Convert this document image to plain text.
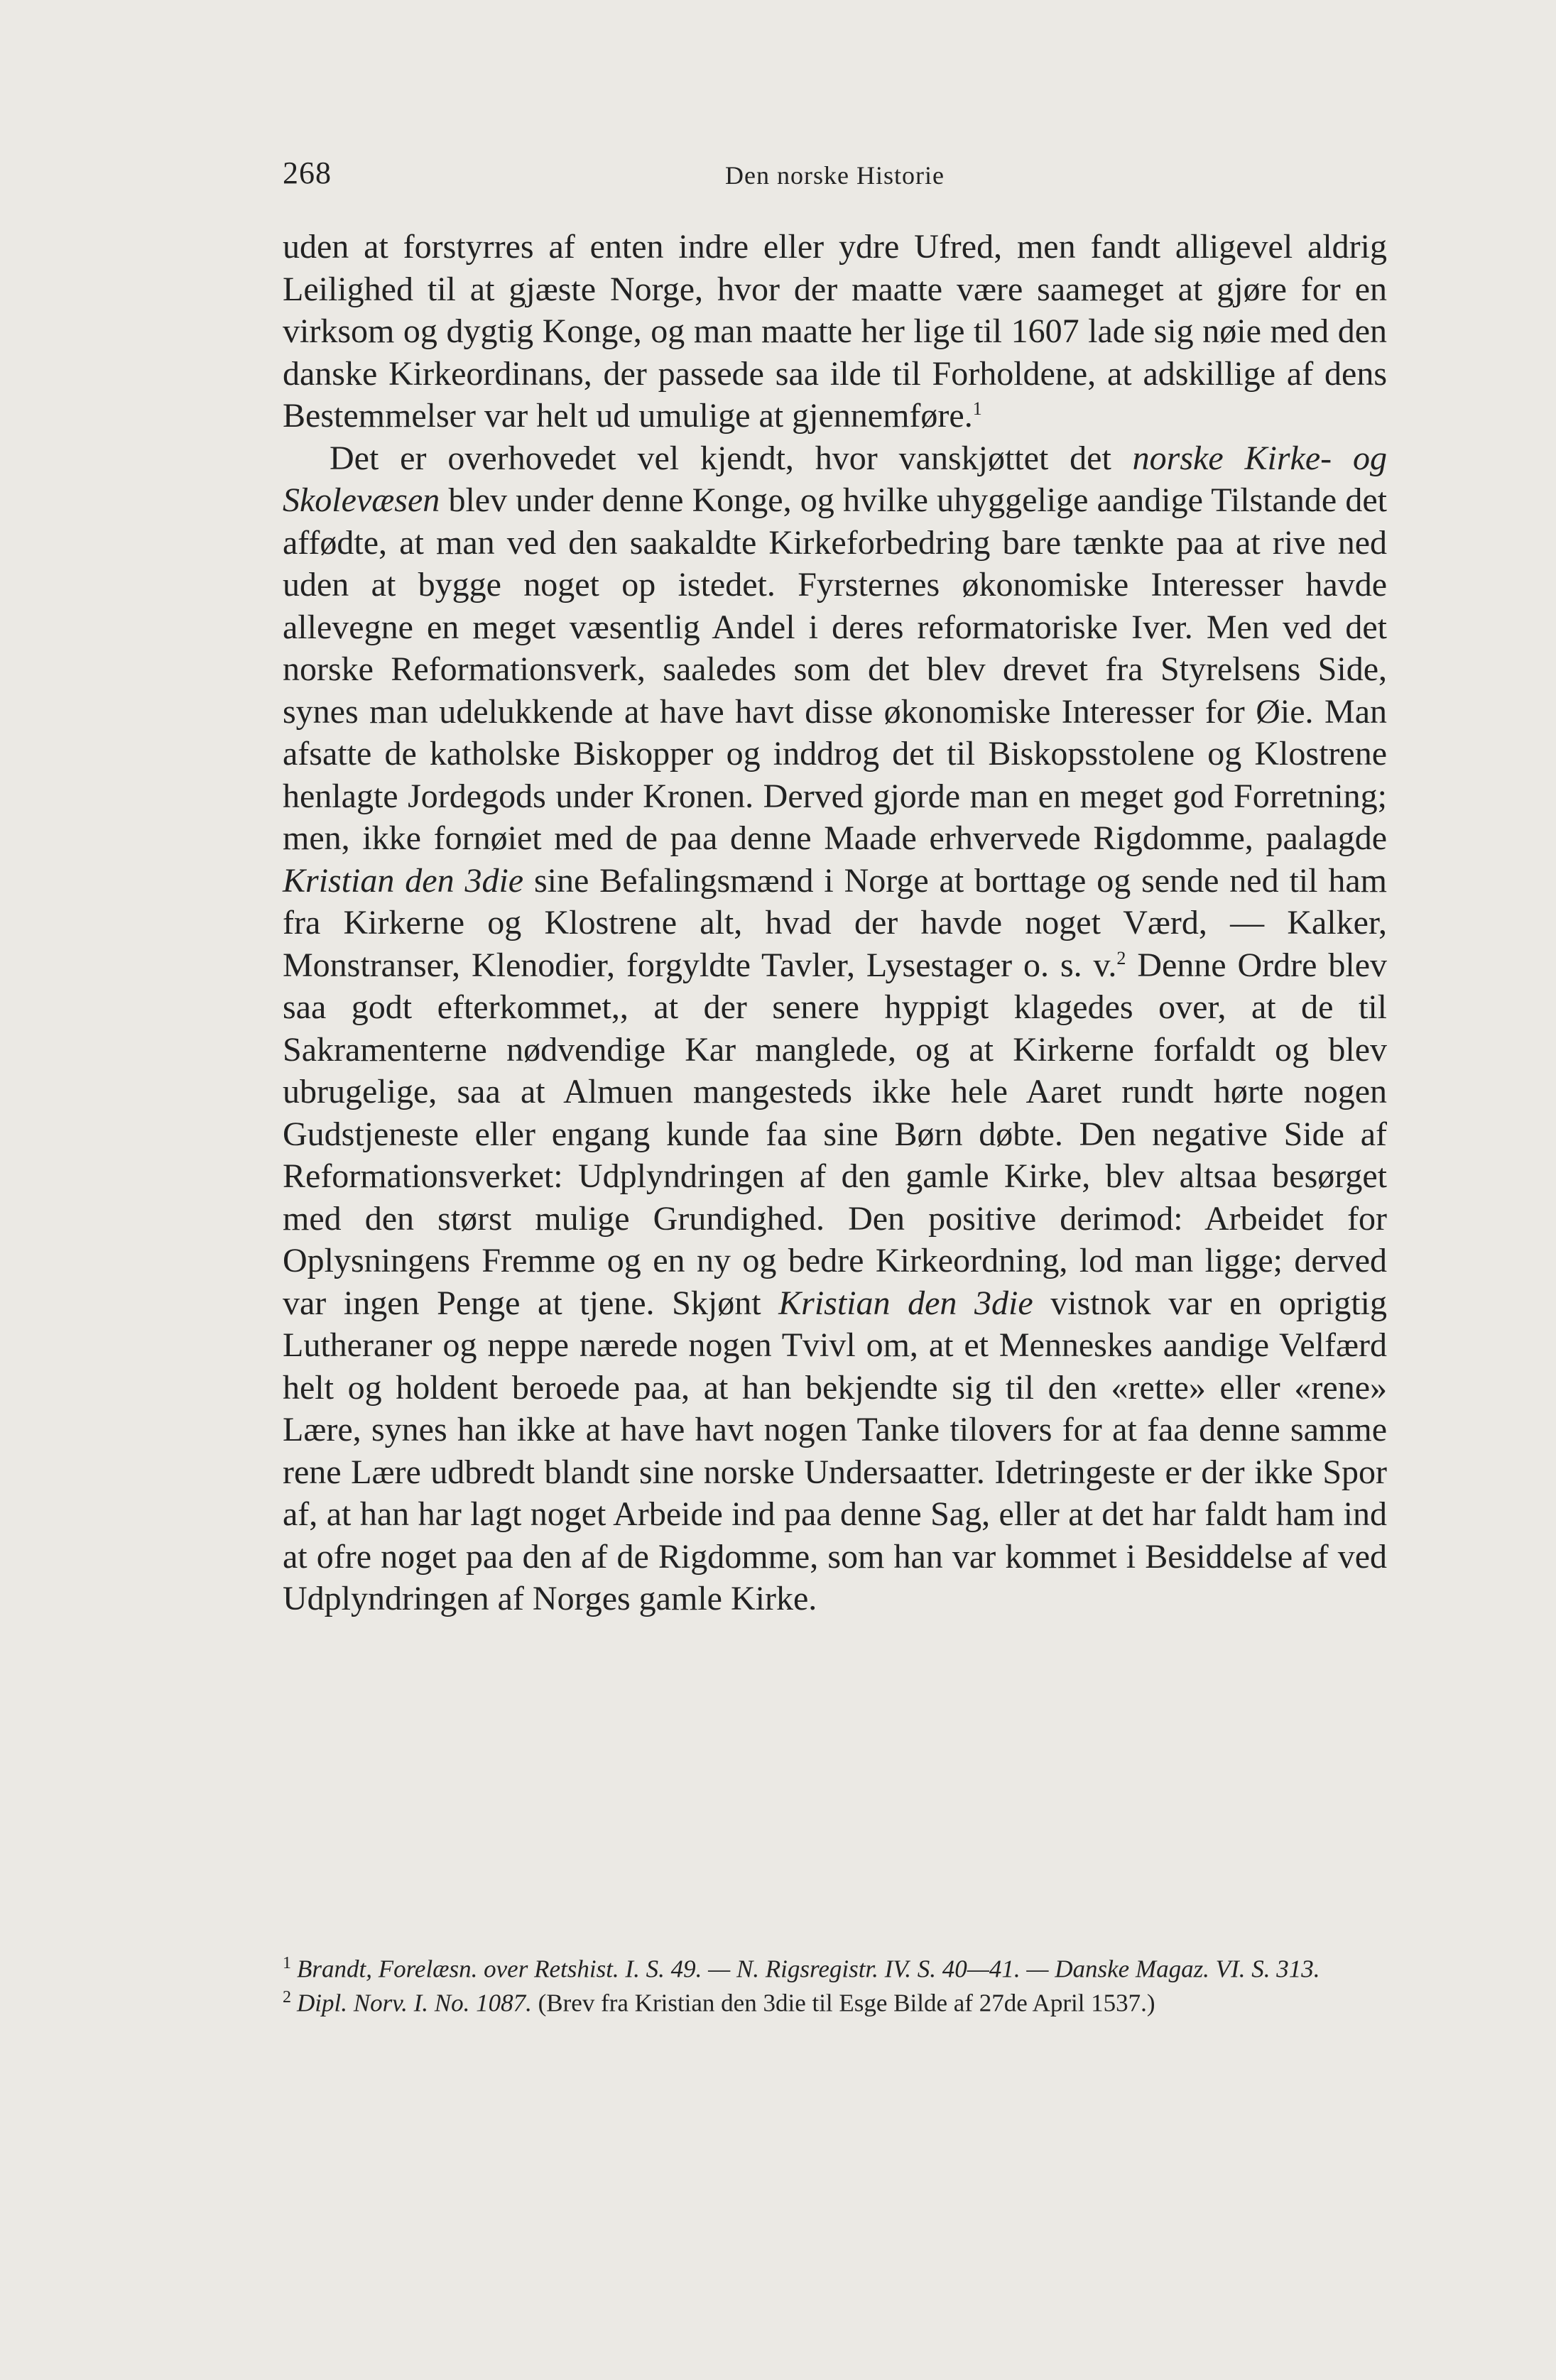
268	Den norske Historie

uden at forstyrres af enten indre eller ydre Ufred, men fandt alligevel aldrig Leilighed til at gjæste Norge, hvor der maatte være saameget at gjøre for en virksom og dygtig Konge, og man maatte her lige til 1607 lade sig nøie med den danske Kirkeordinans, der passede saa ilde til Forholdene, at adskillige af dens Bestemmelser var helt ud umulige at gjennemføre.$^1$

Det er overhovedet vel kjendt, hvor vanskjøttet det norske Kirke- og Skolevæsen blev under denne Konge, og hvilke uhyggelige aandige Tilstande det affødte, at man ved den saakaldte Kirkeforbedring bare tænkte paa at rive ned uden at bygge noget op istedet. Fyrsternes økonomiske Interesser havde allevegne en meget væsentlig Andel i deres reformatoriske Iver. Men ved det norske Reformationsverk, saaledes som det blev drevet fra Styrelsens Side, synes man udelukkende at have havt disse økonomiske Interesser for Øie. Man afsatte de katholske Biskopper og inddrog det til Biskopsstolene og Klostrene henlagte Jordegods under Kronen. Derved gjorde man en meget god Forretning; men, ikke fornøiet med de paa denne Maade erhvervede Rigdomme, paalagde Kristian den 3die sine Befalingsmænd i Norge at borttage og sende ned til ham fra Kirkerne og Klostrene alt, hvad der havde noget Værd, — Kalker, Monstranser, Klenodier, forgyldte Tavler, Lysestager o. s. v.$^2$ Denne Ordre blev saa godt efterkommet,, at der senere hyppigt klagedes over, at de til Sakramenterne nødvendige Kar manglede, og at Kirkerne forfaldt og blev ubrugelige, saa at Almuen mangesteds ikke hele Aaret rundt hørte nogen Gudstjeneste eller engang kunde faa sine Børn døbte. Den negative Side af Reformationsverket: Udplyndringen af den gamle Kirke, blev altsaa besørget med den størst mulige Grundighed. Den positive derimod: Arbeidet for Oplysningens Fremme og en ny og bedre Kirkeordning, lod man ligge; derved var ingen Penge at tjene. Skjønt Kristian den 3die vistnok var en oprigtig Lutheraner og neppe nærede nogen Tvivl om, at et Menneskes aandige Velfærd helt og holdent beroede paa, at han bekjendte sig til den «rette» eller «rene» Lære, synes han ikke at have havt nogen Tanke tilovers for at faa denne samme rene Lære udbredt blandt sine norske Undersaatter. Idetringeste er der ikke Spor af, at han har lagt noget Arbeide ind paa denne Sag, eller at det har faldt ham ind at ofre noget paa den af de Rigdomme, som han var kommet i Besiddelse af ved Udplyndringen af Norges gamle Kirke.

$^1$ Brandt, Forelæsn. over Retshist. I. S. 49. — N. Rigsregistr. IV. S. 40—41. — Danske Magaz. VI. S. 313.

$^2$ Dipl. Norv. I. No. 1087. (Brev fra Kristian den 3die til Esge Bilde af 27de April 1537.)
